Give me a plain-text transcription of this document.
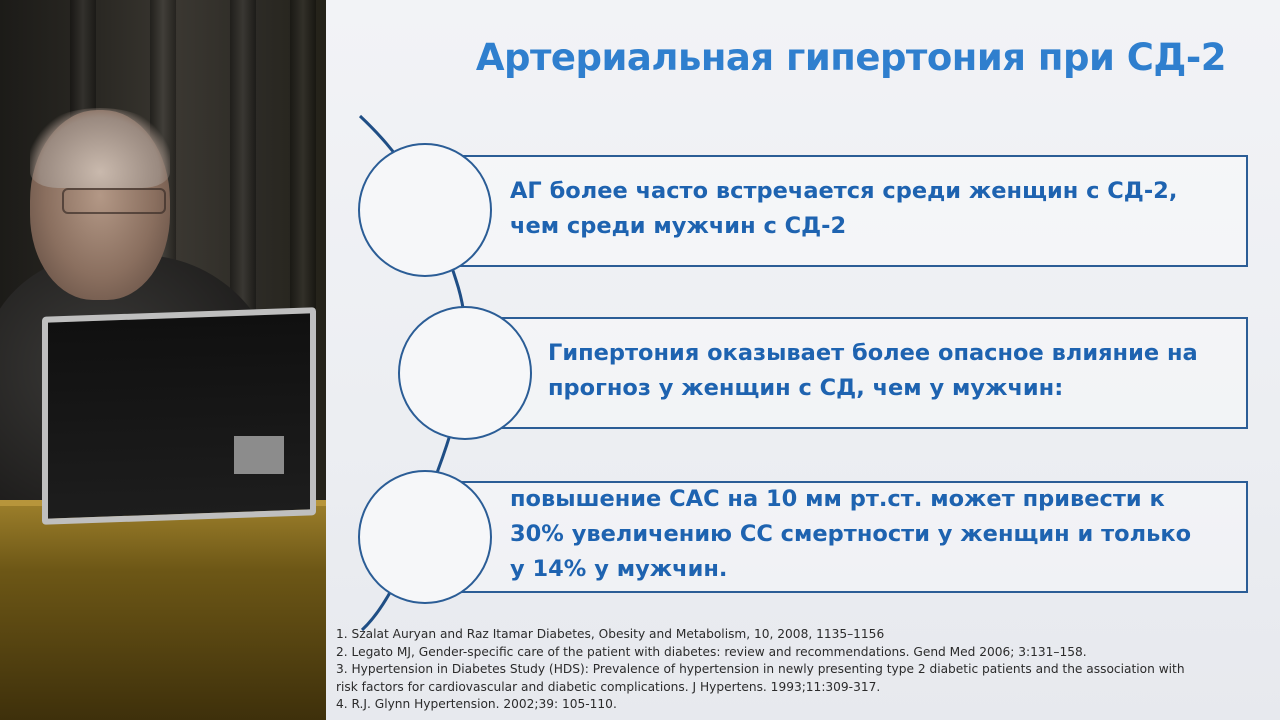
Артериальная гипертония при СД-2
АГ более часто встречается среди женщин с СД-2,
чем среди мужчин с СД-2
Гипертония оказывает более опасное влияние на
прогноз у женщин с СД, чем у мужчин:
повышение САС на 10 мм рт.ст. может привести к
30% увеличению СС смертности у женщин и только
у 14% у мужчин.
1. Szalat Auryan and Raz Itamar Diabetes, Obesity and Metabolism, 10, 2008, 1135–1156
2. Legato MJ, Gender-specific care of the patient with diabetes: review and recommendations. Gend Med 2006; 3:131–158.
3. Hypertension in Diabetes Study (HDS): Prevalence of hypertension in newly presenting type 2 diabetic patients and the association with
risk factors for cardiovascular and diabetic complications. J Hypertens. 1993;11:309-317.
4. R.J. Glynn Hypertension. 2002;39: 105-110.
